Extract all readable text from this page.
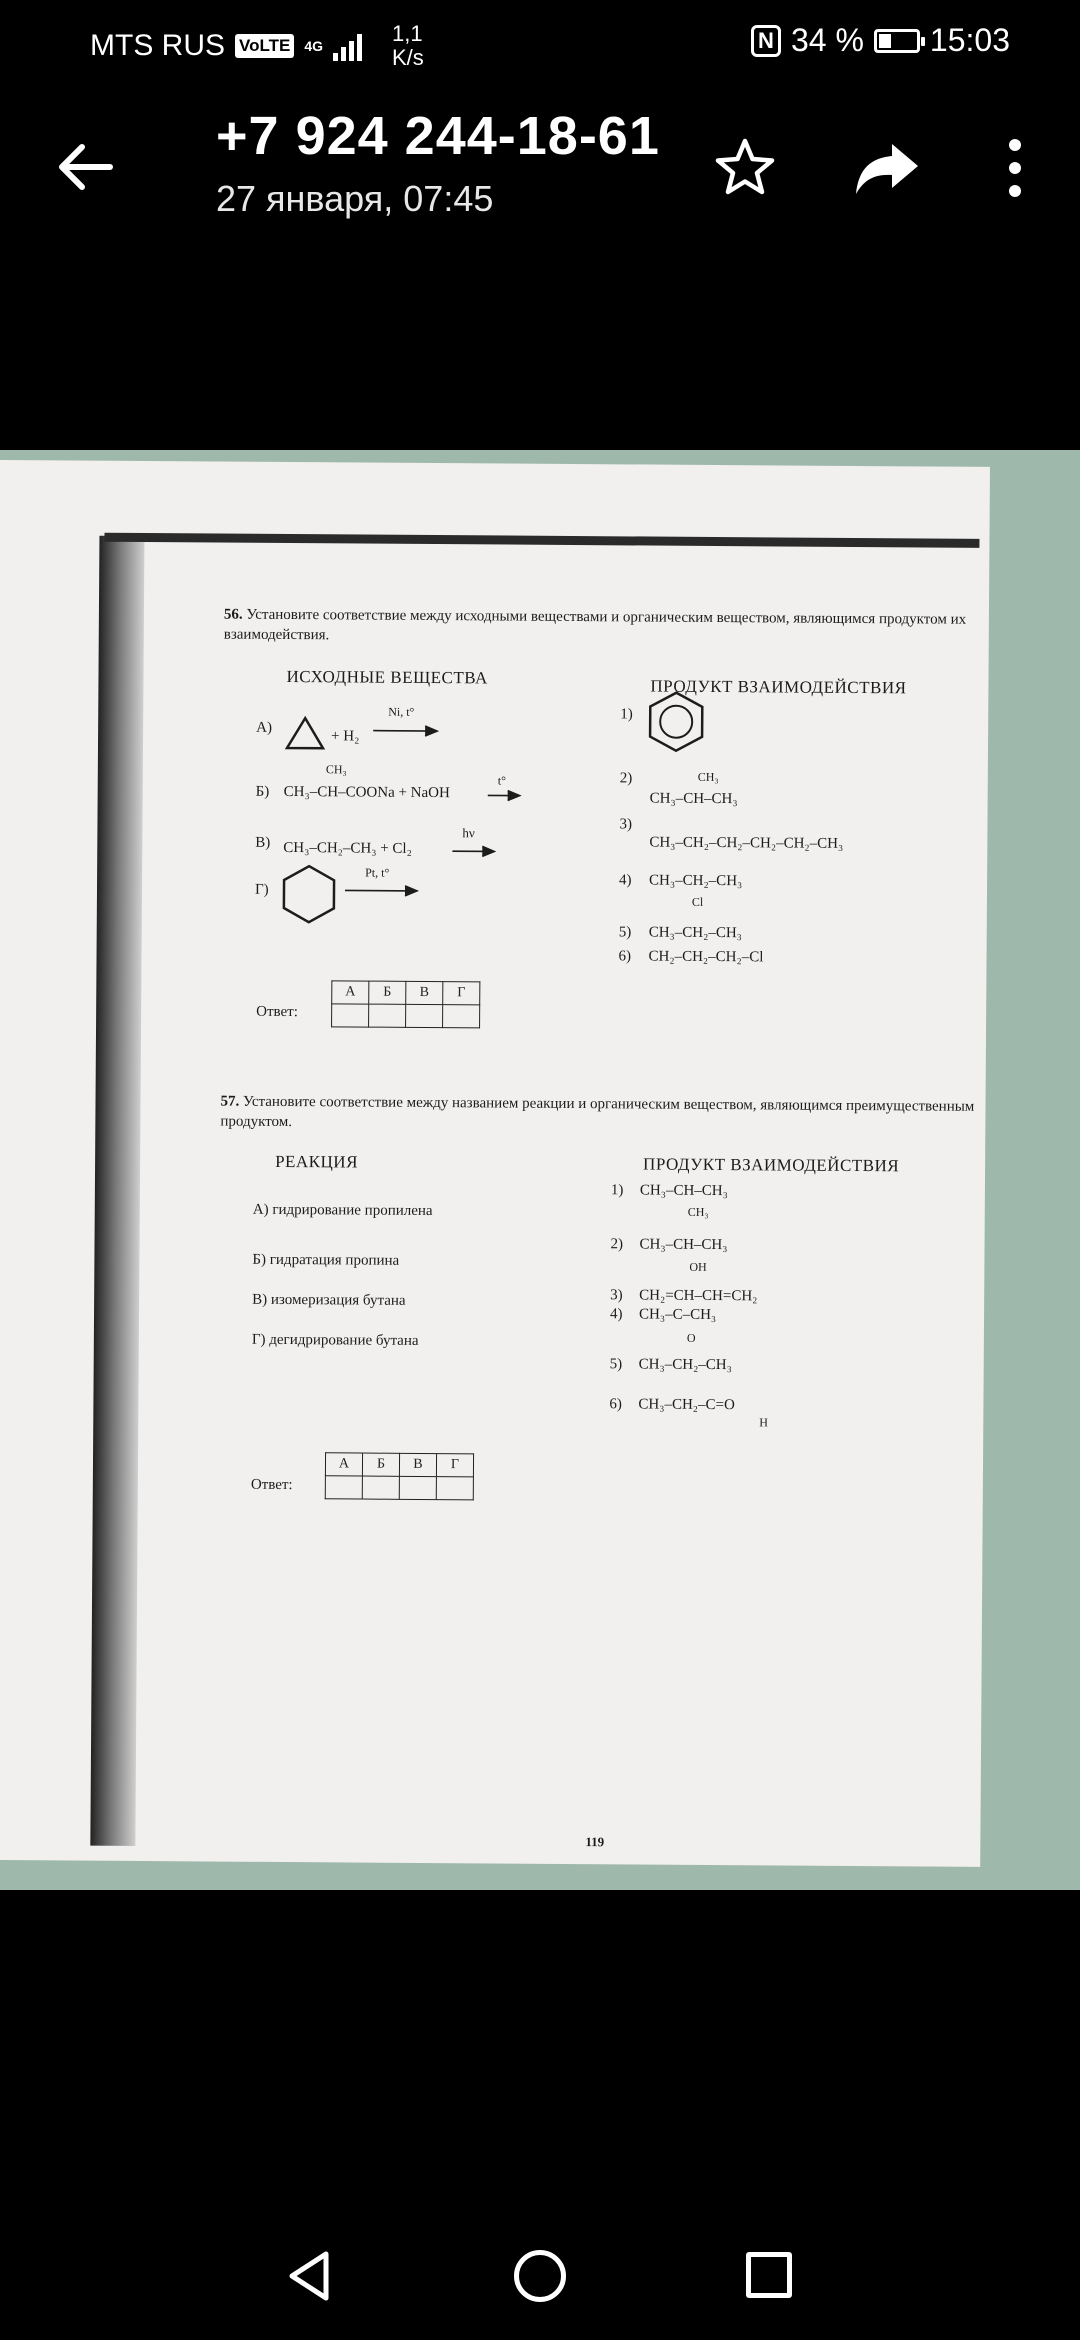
MTS RUS VoLTE 4G	1,1
K/s
N 34 % 15:03
+7 924 244-18-61
27 января, 07:45
56. Установите соответствие между исходными веществами и органическим веществом, являющимся продуктом их взаимодействия.
ИСХОДНЫЕ ВЕЩЕСТВА	ПРОДУКТ ВЗАИМОДЕЙСТВИЯ
А)
+ H₂
Ni, t°
Б)
CH₃
CH₃–CH–COONa + NaOH
t°
В) CH₃–CH₂–CH₃ + Cl₂
hν
Г)
Pt, t°
1)
2)	CH₃
CH₃–CH–CH₃
3)
CH₃–CH₂–CH₂–CH₂–CH₂–CH₃
4) CH₃–CH₂–CH₃
Cl
5) CH₃–CH₂–CH₃
6) CH₂–CH₂–CH₂–Cl
Ответ:
А	Б	В	Г

57. Установите соответствие между названием реакции и органическим веществом, являющимся преимущественным продуктом.
РЕАКЦИЯ	ПРОДУКТ ВЗАИМОДЕЙСТВИЯ
А) гидрирование пропилена
Б) гидратация пропина
В) изомеризация бутана
Г) дегидрирование бутана
1) CH₃–CH–CH₃
CH₃
2) CH₃–CH–CH₃
OH
3) CH₂=CH–CH=CH₂
4) CH₃–C–CH₃
O
5) CH₃–CH₂–CH₃
6) CH₃–CH₂–C=O
H
Ответ:
А	Б	В	Г

119
